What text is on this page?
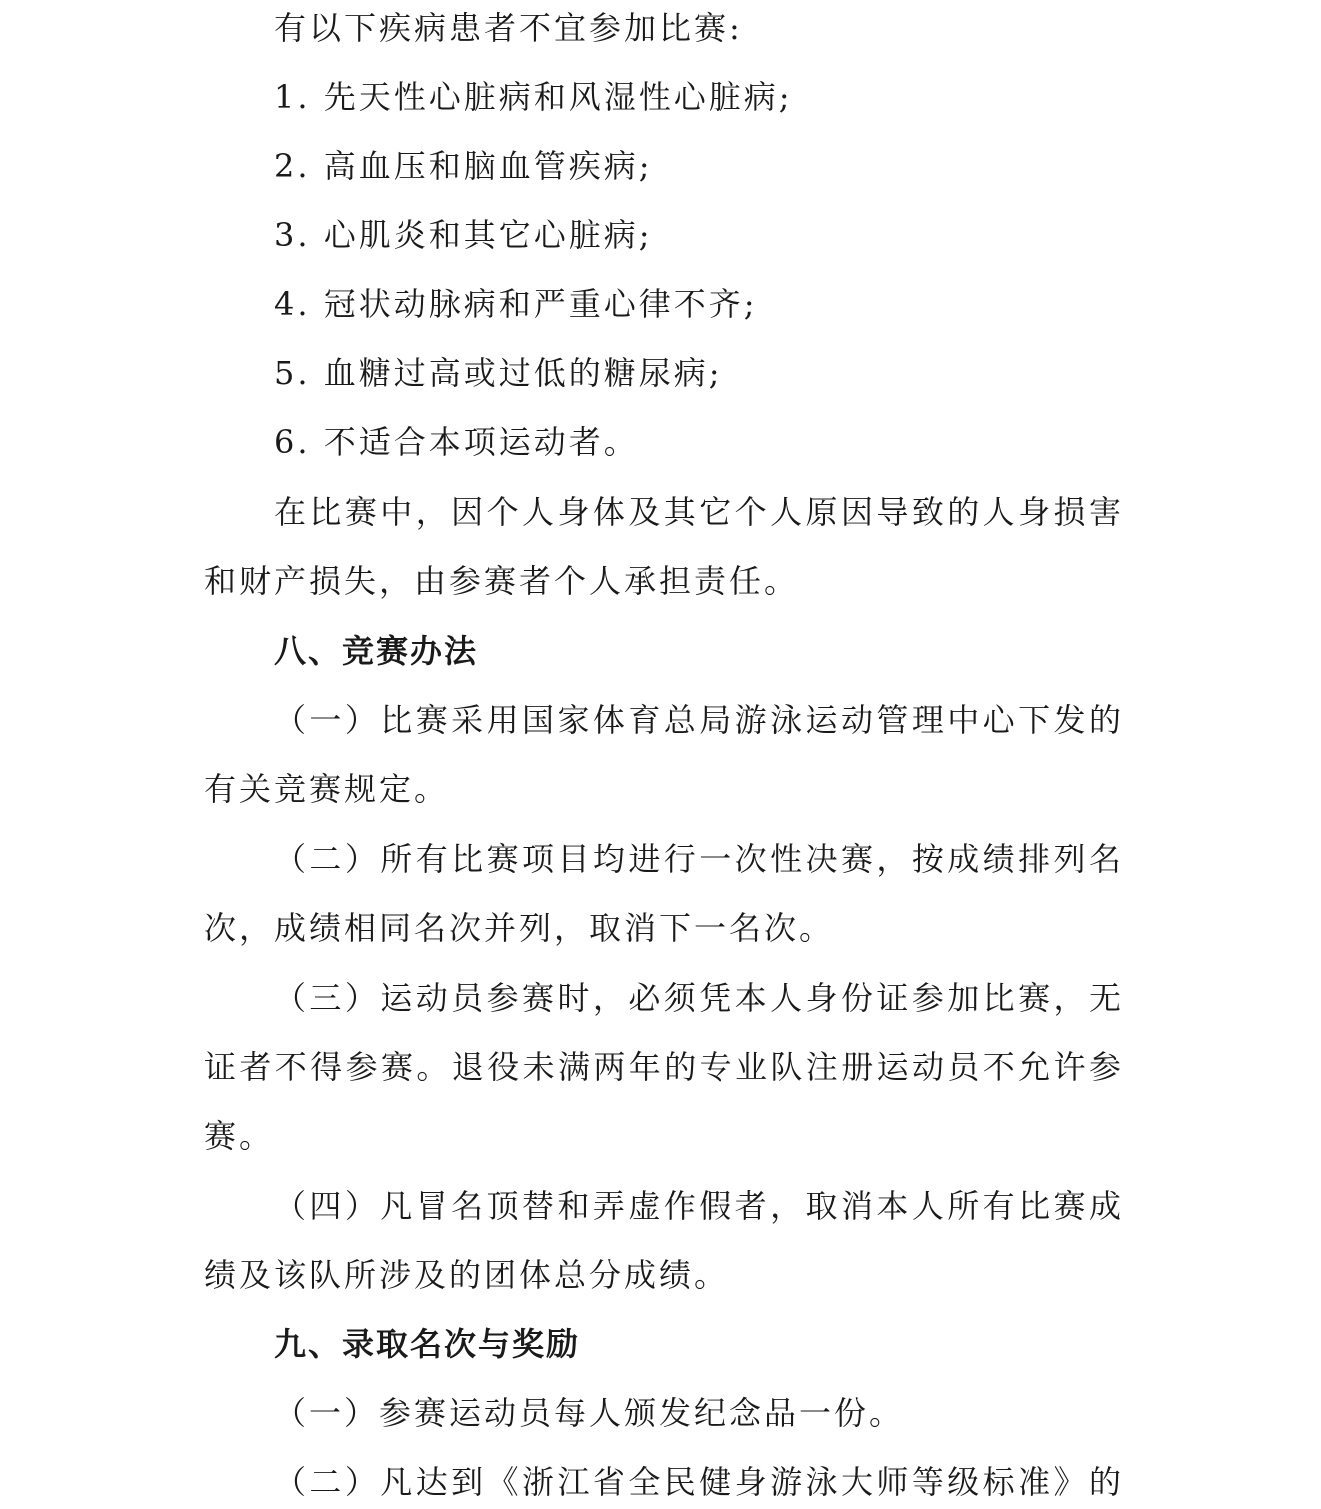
有以下疾病患者不宜参加比赛:
1. 先天性心脏病和风湿性心脏病;
2. 高血压和脑血管疾病;
3. 心肌炎和其它心脏病;
4. 冠状动脉病和严重心律不齐;
5. 血糖过高或过低的糖尿病;
6. 不适合本项运动者。
在比赛中，因个人身体及其它个人原因导致的人身损害
和财产损失，由参赛者个人承担责任。
八、竞赛办法
（一）比赛采用国家体育总局游泳运动管理中心下发的
有关竞赛规定。
（二）所有比赛项目均进行一次性决赛，按成绩排列名
次，成绩相同名次并列，取消下一名次。
（三）运动员参赛时，必须凭本人身份证参加比赛，无
证者不得参赛。退役未满两年的专业队注册运动员不允许参
赛。
（四）凡冒名顶替和弄虚作假者，取消本人所有比赛成
绩及该队所涉及的团体总分成绩。
九、录取名次与奖励
（一）参赛运动员每人颁发纪念品一份。
（二）凡达到《浙江省全民健身游泳大师等级标准》的
